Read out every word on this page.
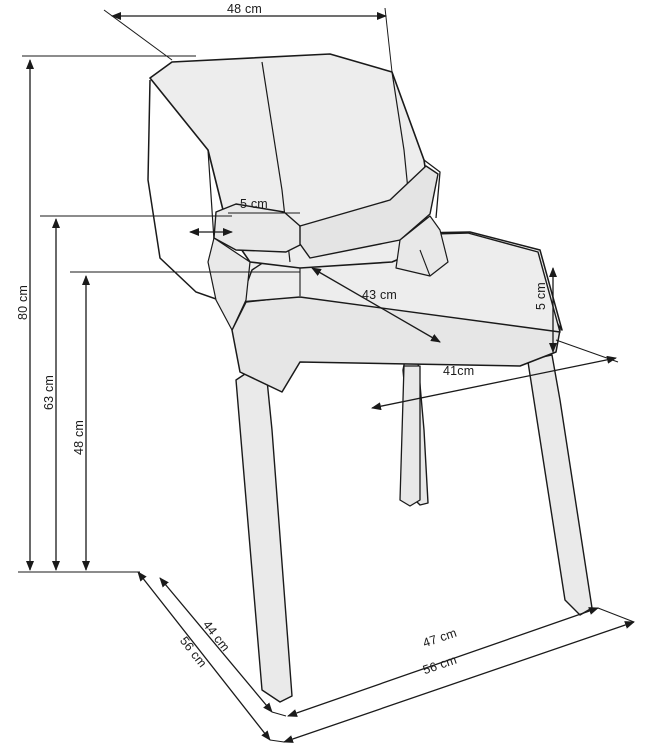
48 cm
5 cm
43 cm	5 cm
41cm
80 cm
63 cm
48 cm
44 cm
56 cm	47 cm
56 cm
